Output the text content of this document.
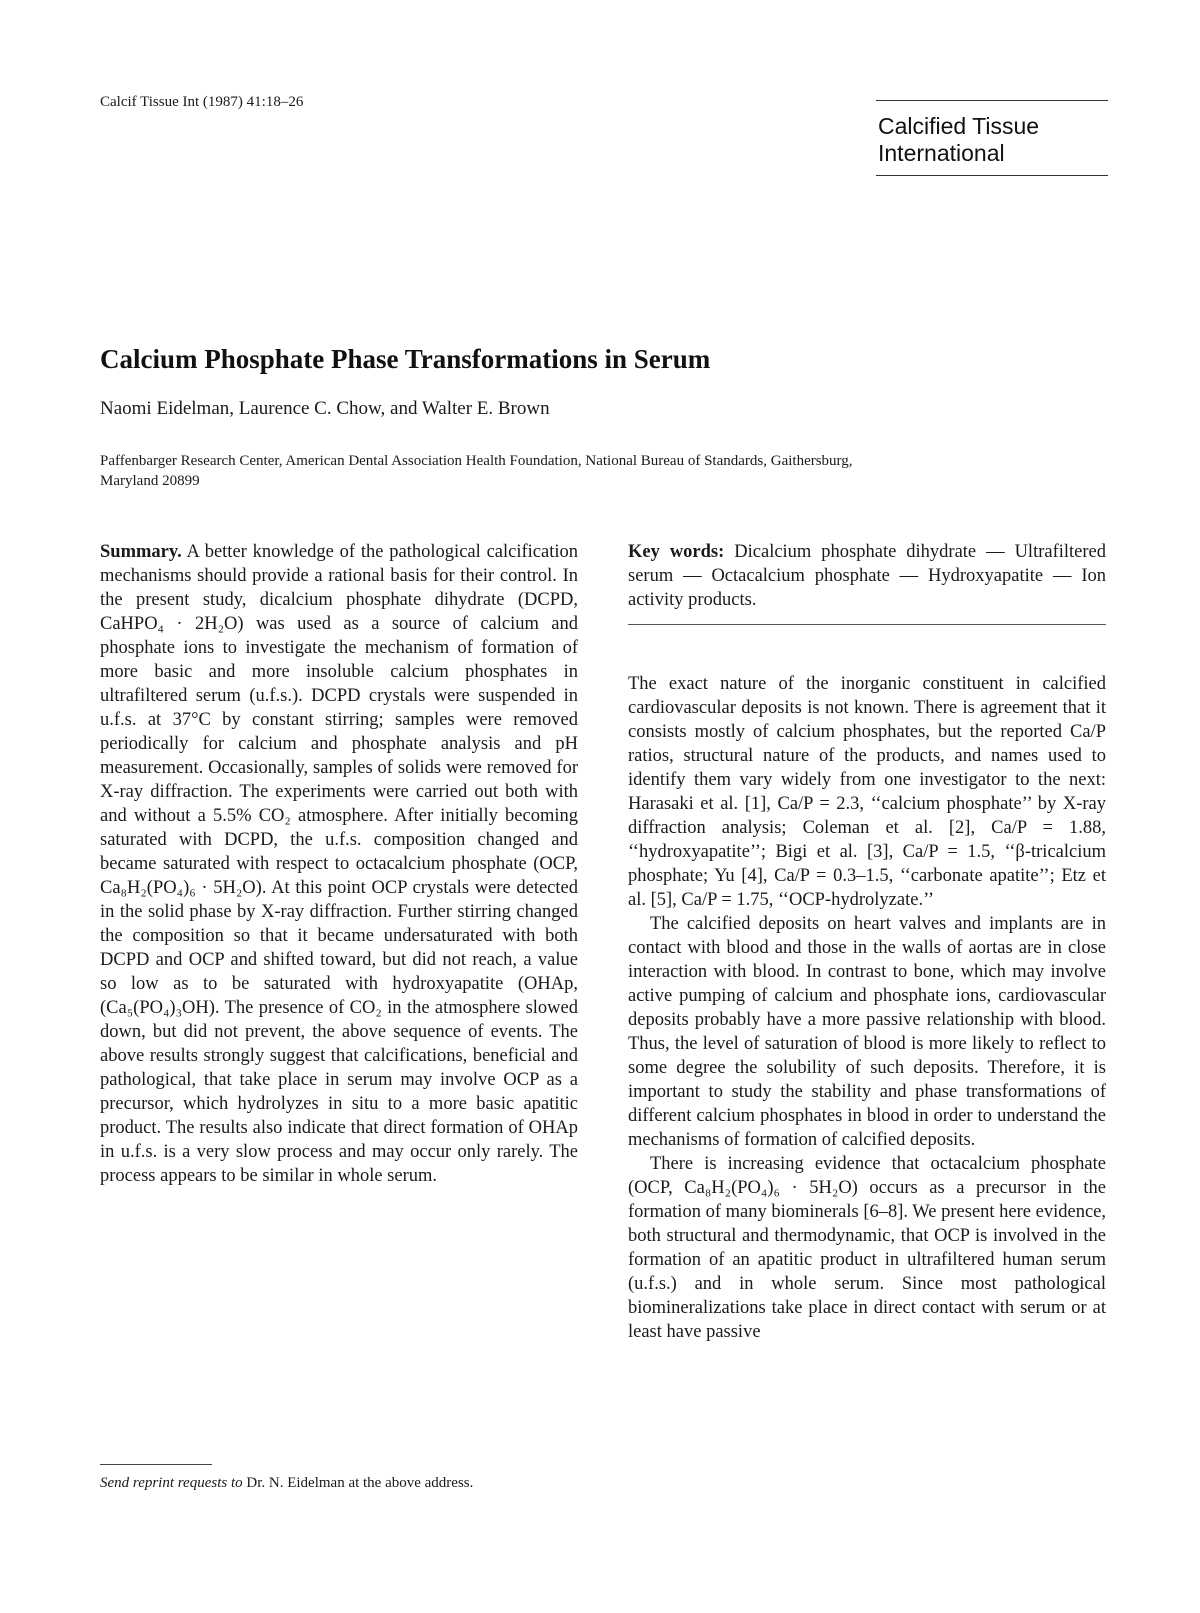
Calcif Tissue Int (1987) 41:18–26
Calcified Tissue
International
Calcium Phosphate Phase Transformations in Serum
Naomi Eidelman, Laurence C. Chow, and Walter E. Brown
Paffenbarger Research Center, American Dental Association Health Foundation, National Bureau of Standards, Gaithersburg, Maryland 20899
Summary. A better knowledge of the pathological calcification mechanisms should provide a rational basis for their control. In the present study, dicalcium phosphate dihydrate (DCPD, CaHPO₄ · 2H₂O) was used as a source of calcium and phosphate ions to investigate the mechanism of formation of more basic and more insoluble calcium phosphates in ultrafiltered serum (u.f.s.). DCPD crystals were suspended in u.f.s. at 37°C by constant stirring; samples were removed periodically for calcium and phosphate analysis and pH measurement. Occasionally, samples of solids were removed for X-ray diffraction. The experiments were carried out both with and without a 5.5% CO₂ atmosphere. After initially becoming saturated with DCPD, the u.f.s. composition changed and became saturated with respect to octacalcium phosphate (OCP, Ca₈H₂(PO₄)₆ · 5H₂O). At this point OCP crystals were detected in the solid phase by X-ray diffraction. Further stirring changed the composition so that it became undersaturated with both DCPD and OCP and shifted toward, but did not reach, a value so low as to be saturated with hydroxyapatite (OHAp, (Ca₅(PO₄)₃OH). The presence of CO₂ in the atmosphere slowed down, but did not prevent, the above sequence of events. The above results strongly suggest that calcifications, beneficial and pathological, that take place in serum may involve OCP as a precursor, which hydrolyzes in situ to a more basic apatitic product. The results also indicate that direct formation of OHAp in u.f.s. is a very slow process and may occur only rarely. The process appears to be similar in whole serum.
Key words: Dicalcium phosphate dihydrate — Ultrafiltered serum — Octacalcium phosphate — Hydroxyapatite — Ion activity products.

The exact nature of the inorganic constituent in calcified cardiovascular deposits is not known. There is agreement that it consists mostly of calcium phosphates, but the reported Ca/P ratios, structural nature of the products, and names used to identify them vary widely from one investigator to the next: Harasaki et al. [1], Ca/P = 2.3, ‘‘calcium phosphate’’ by X-ray diffraction analysis; Coleman et al. [2], Ca/P = 1.88, ‘‘hydroxyapatite’’; Bigi et al. [3], Ca/P = 1.5, ‘‘β-tricalcium phosphate; Yu [4], Ca/P = 0.3–1.5, ‘‘carbonate apatite’’; Etz et al. [5], Ca/P = 1.75, ‘‘OCP-hydrolyzate.’’

The calcified deposits on heart valves and implants are in contact with blood and those in the walls of aortas are in close interaction with blood. In contrast to bone, which may involve active pumping of calcium and phosphate ions, cardiovascular deposits probably have a more passive relationship with blood. Thus, the level of saturation of blood is more likely to reflect to some degree the solubility of such deposits. Therefore, it is important to study the stability and phase transformations of different calcium phosphates in blood in order to understand the mechanisms of formation of calcified deposits.

There is increasing evidence that octacalcium phosphate (OCP, Ca₈H₂(PO₄)₆ · 5H₂O) occurs as a precursor in the formation of many biominerals [6–8]. We present here evidence, both structural and thermodynamic, that OCP is involved in the formation of an apatitic product in ultrafiltered human serum (u.f.s.) and in whole serum. Since most pathological biomineralizations take place in direct contact with serum or at least have passive

Send reprint requests to Dr. N. Eidelman at the above address.
